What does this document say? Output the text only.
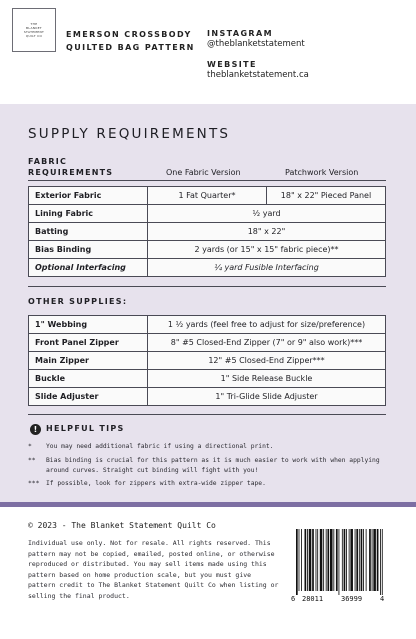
THE
BLANKET
STATEMENT
QUILT CO	EMERSON CROSSBODY
QUILTED BAG PATTERN
INSTAGRAM
@theblanketstatement
WEBSITE
theblanketstatement.ca
SUPPLY REQUIREMENTS
FABRIC
REQUIREMENTS	One Fabric Version	Patchwork Version
Exterior Fabric	1 Fat Quarter*	18" x 22" Pieced Panel
Lining Fabric	½ yard	
Batting	18" x 22"	
Bias Binding	2 yards (or 15" x 15" fabric piece)**	
Optional Interfacing	¼ yard Fusible Interfacing	
OTHER SUPPLIES:
1" Webbing	1 ½ yards (feel free to adjust for size/preference)
Front Panel Zipper	8" #5 Closed-End Zipper (7" or 9" also work)***
Main Zipper	12" #5 Closed-End Zipper***
Buckle	1" Side Release Buckle
Slide Adjuster	1" Tri-Glide Slide Adjuster
!	HELPFUL TIPS
* You may need additional fabric if using a directional print.
** Bias binding is crucial for this pattern as it is much easier to work with when applying around curves. Straight cut binding will fight with you!
*** If possible, look for zippers with extra-wide zipper tape.
© 2023 - The Blanket Statement Quilt Co
Individual use only. Not for resale. All rights reserved. This pattern may not be copied, emailed, posted online, or otherwise reproduced or distributed. You may sell items made using this pattern based on home production scale, but you must give pattern credit to The Blanket Statement Quilt Co when listing or selling the final product.	6 28011	36999	4
